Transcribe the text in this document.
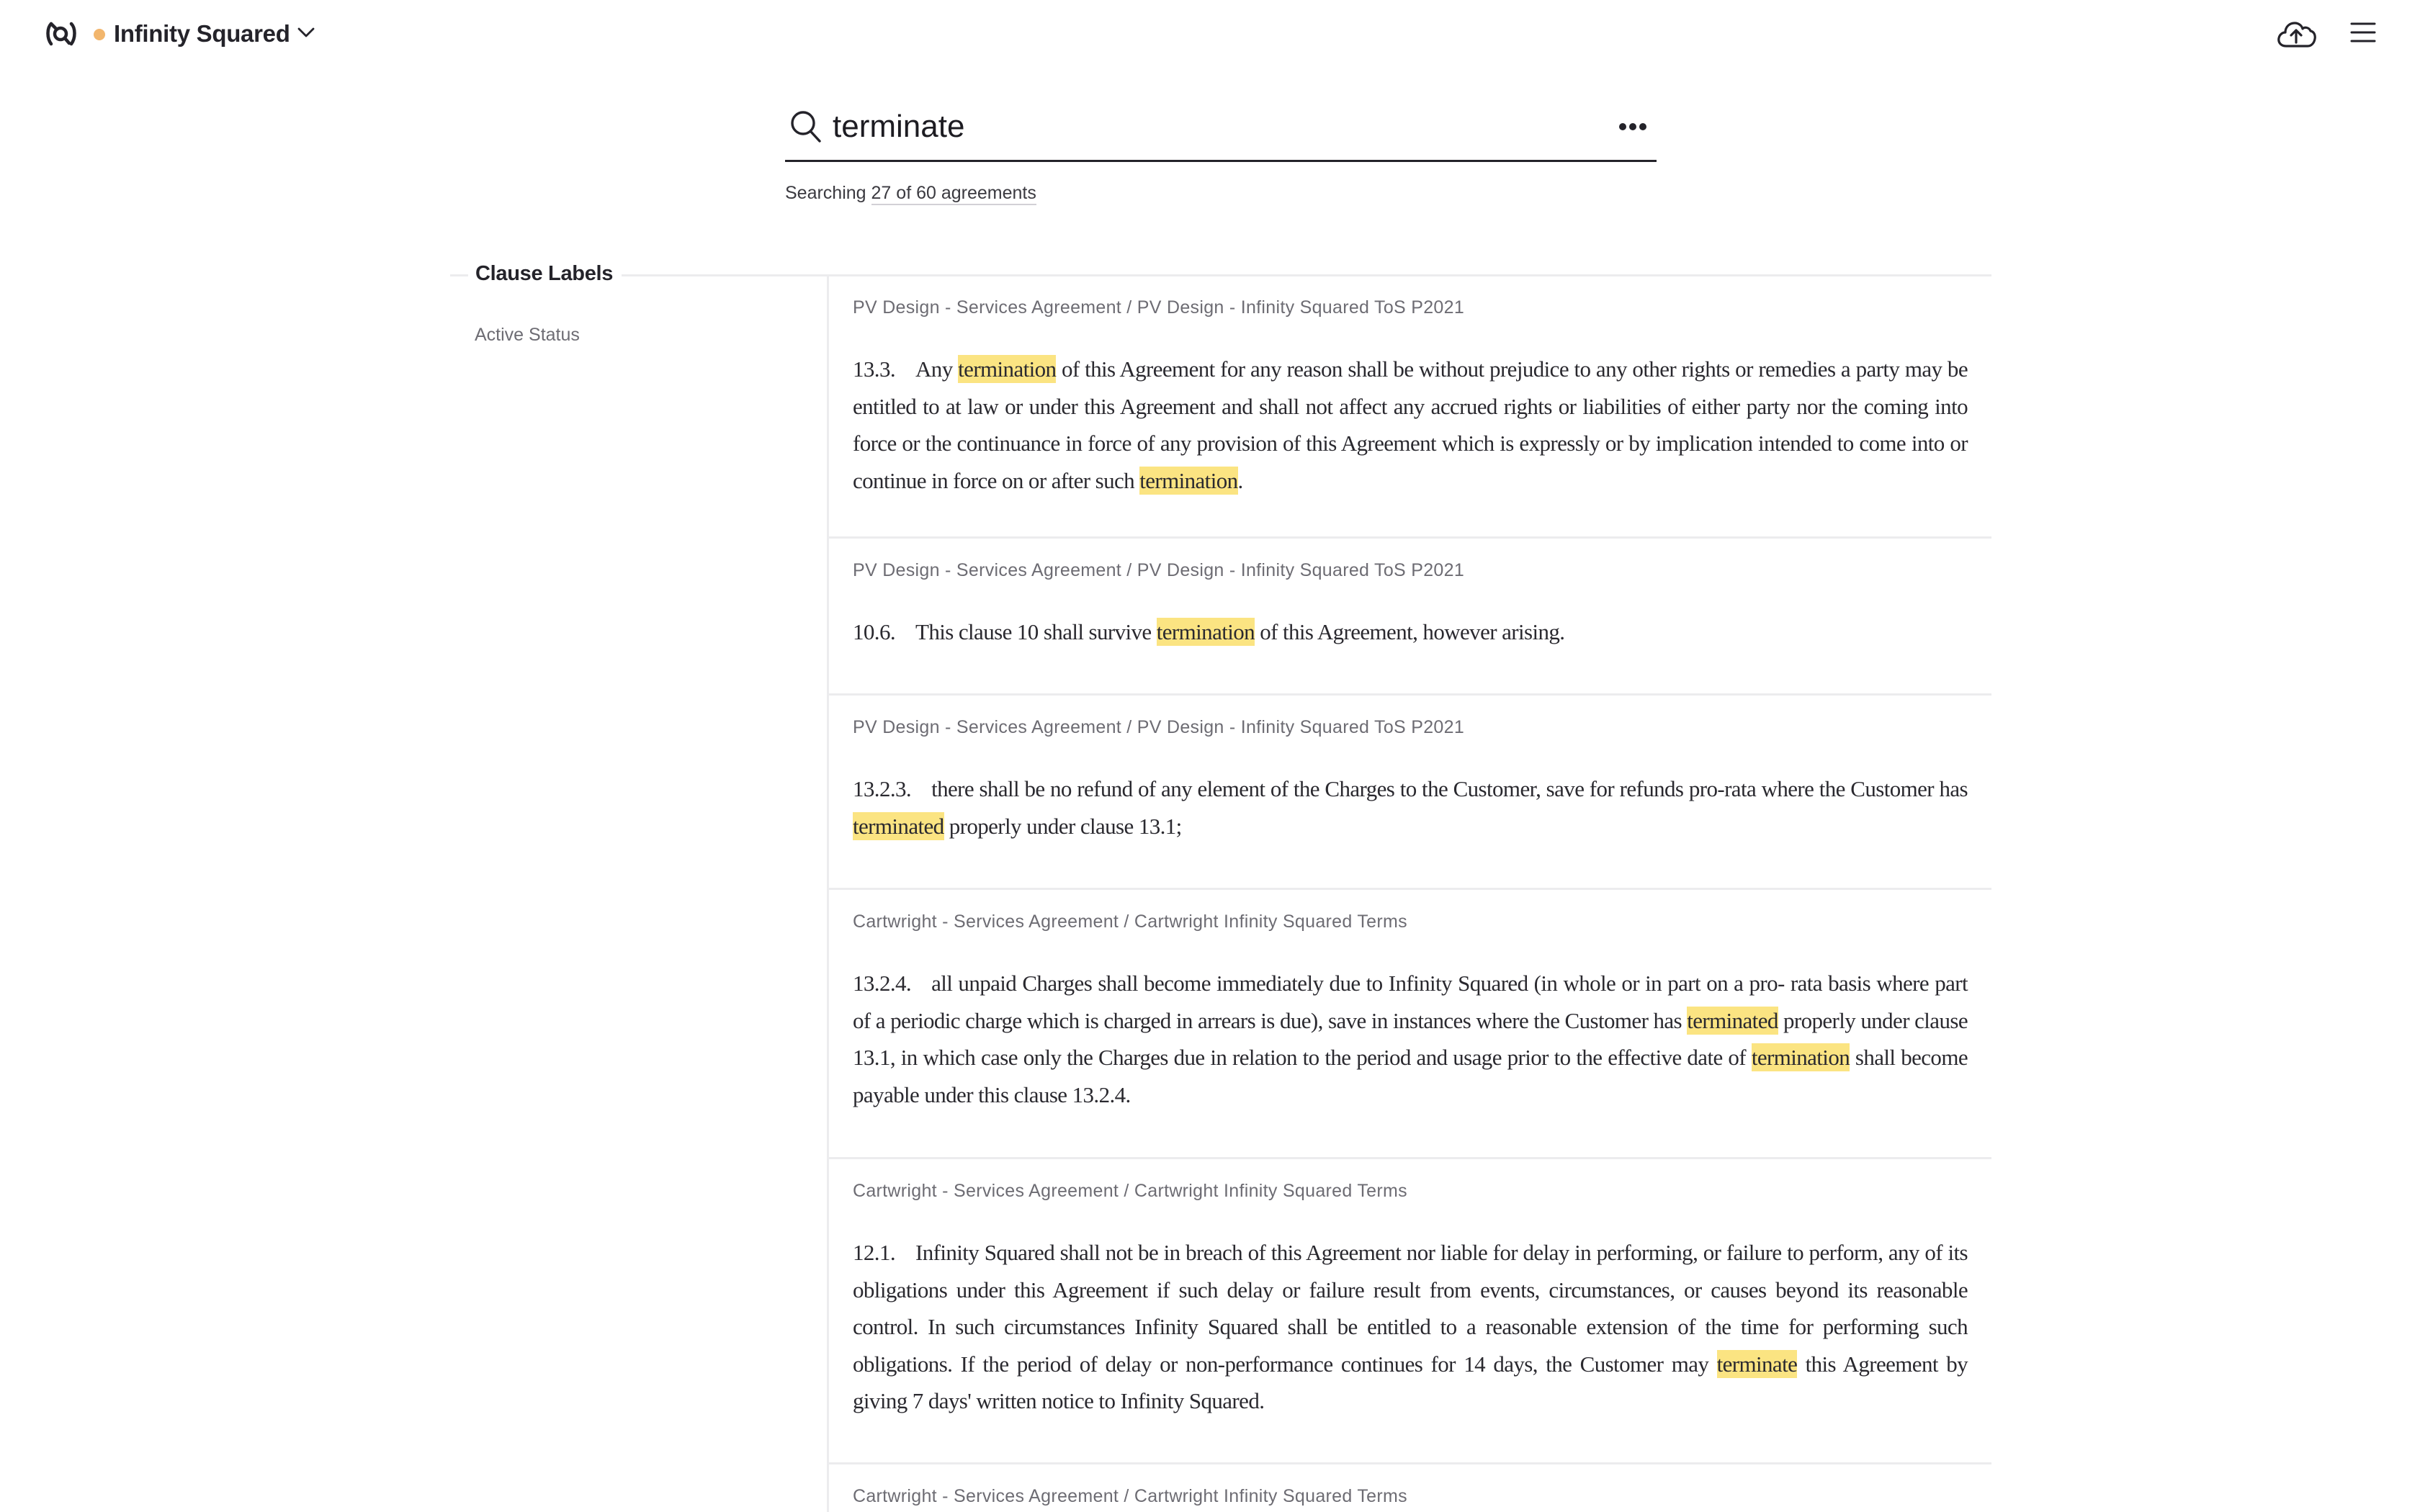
Infinity Squared
terminate
Searching 27 of 60 agreements
Clause Labels
Active Status
PV Design - Services Agreement / PV Design - Infinity Squared ToS P2021
13.3. Any termination of this Agreement for any reason shall be without prejudice to any other rights or remedies a party may be entitled to at law or under this Agreement and shall not affect any accrued rights or liabilities of either party nor the coming into force or the continuance in force of any provision of this Agreement which is expressly or by implication intended to come into or continue in force on or after such termination.
PV Design - Services Agreement / PV Design - Infinity Squared ToS P2021
10.6. This clause 10 shall survive termination of this Agreement, however arising.
PV Design - Services Agreement / PV Design - Infinity Squared ToS P2021
13.2.3. there shall be no refund of any element of the Charges to the Customer, save for refunds pro-rata where the Customer has terminated properly under clause 13.1;
Cartwright - Services Agreement / Cartwright Infinity Squared Terms
13.2.4. all unpaid Charges shall become immediately due to Infinity Squared (in whole or in part on a pro- rata basis where part of a periodic charge which is charged in arrears is due), save in instances where the Customer has terminated properly under clause 13.1, in which case only the Charges due in relation to the period and usage prior to the effective date of termination shall become payable under this clause 13.2.4.
Cartwright - Services Agreement / Cartwright Infinity Squared Terms
12.1. Infinity Squared shall not be in breach of this Agreement nor liable for delay in performing, or failure to perform, any of its obligations under this Agreement if such delay or failure result from events, circumstances, or causes beyond its reasonable control. In such circumstances Infinity Squared shall be entitled to a reasonable extension of the time for performing such obligations. If the period of delay or non-performance continues for 14 days, the Customer may terminate this Agreement by giving 7 days' written notice to Infinity Squared.
Cartwright - Services Agreement / Cartwright Infinity Squared Terms
